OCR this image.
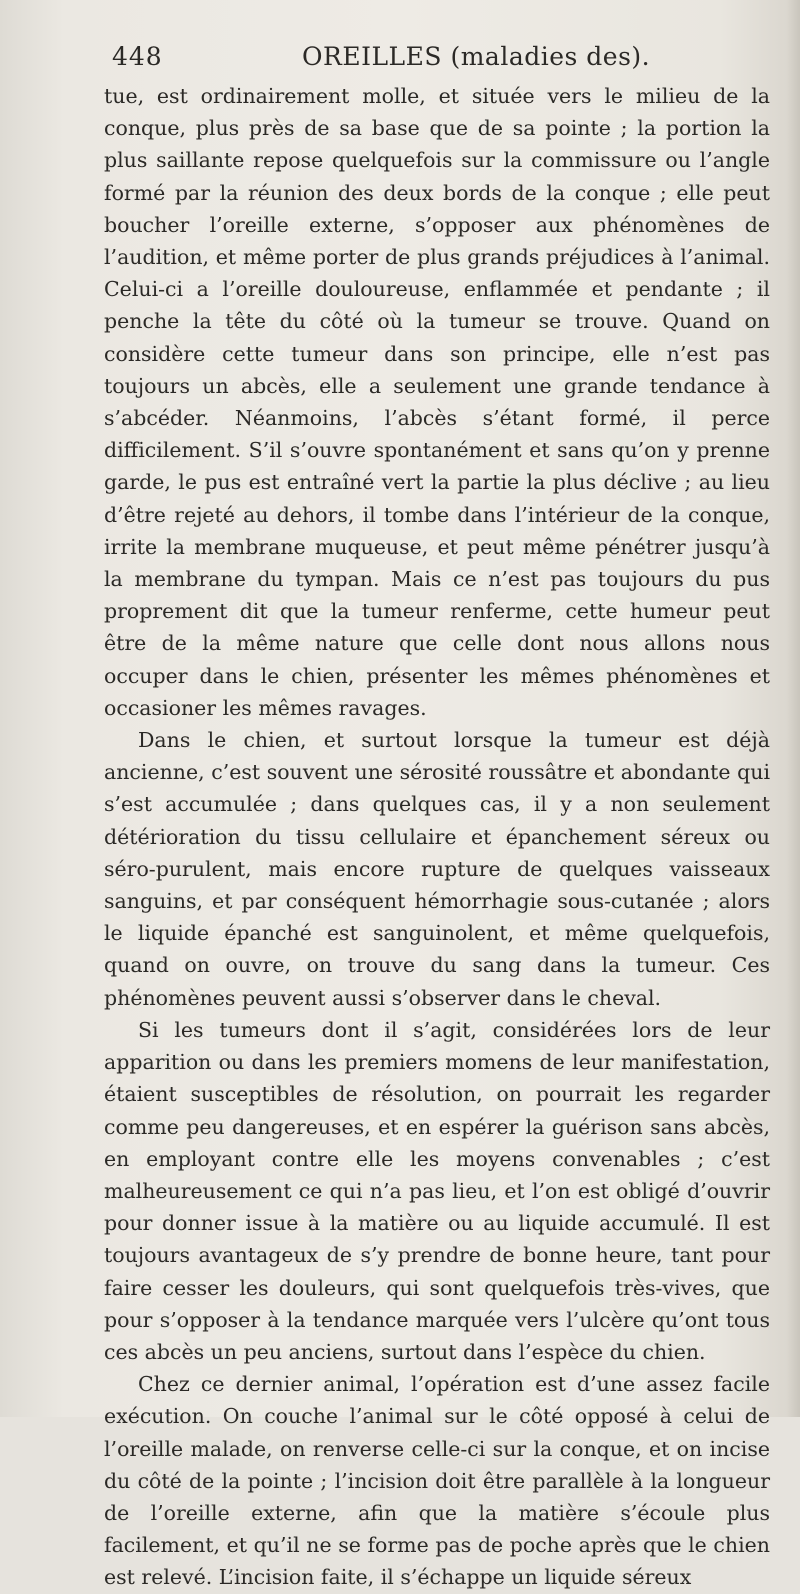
448	OREILLES (maladies des).

tue, est ordinairement molle, et située vers le milieu de la conque, plus près de sa base que de sa pointe ; la portion la plus saillante repose quelquefois sur la commissure ou l’angle formé par la réunion des deux bords de la conque ; elle peut boucher l’oreille externe, s’opposer aux phénomènes de l’audition, et même porter de plus grands préjudices à l’animal. Celui-ci a l’oreille douloureuse, enflammée et pendante ; il penche la tête du côté où la tumeur se trouve. Quand on considère cette tumeur dans son principe, elle n’est pas toujours un abcès, elle a seulement une grande tendance à s’abcéder. Néanmoins, l’abcès s’étant formé, il perce difficilement. S’il s’ouvre spontanément et sans qu’on y prenne garde, le pus est entraîné vert la partie la plus déclive ; au lieu d’être rejeté au dehors, il tombe dans l’intérieur de la conque, irrite la membrane muqueuse, et peut même pénétrer jusqu’à la membrane du tympan. Mais ce n’est pas toujours du pus proprement dit que la tumeur renferme, cette humeur peut être de la même nature que celle dont nous allons nous occuper dans le chien, présenter les mêmes phénomènes et occasioner les mêmes ravages.

Dans le chien, et surtout lorsque la tumeur est déjà ancienne, c’est souvent une sérosité roussâtre et abondante qui s’est accumulée ; dans quelques cas, il y a non seulement détérioration du tissu cellulaire et épanchement séreux ou séro-purulent, mais encore rupture de quelques vaisseaux sanguins, et par conséquent hémorrhagie sous-cutanée ; alors le liquide épanché est sanguinolent, et même quelquefois, quand on ouvre, on trouve du sang dans la tumeur. Ces phénomènes peuvent aussi s’observer dans le cheval.

Si les tumeurs dont il s’agit, considérées lors de leur apparition ou dans les premiers momens de leur manifestation, étaient susceptibles de résolution, on pourrait les regarder comme peu dangereuses, et en espérer la guérison sans abcès, en employant contre elle les moyens convenables ; c’est malheureusement ce qui n’a pas lieu, et l’on est obligé d’ouvrir pour donner issue à la matière ou au liquide accumulé. Il est toujours avantageux de s’y prendre de bonne heure, tant pour faire cesser les douleurs, qui sont quelquefois très-vives, que pour s’opposer à la tendance marquée vers l’ulcère qu’ont tous ces abcès un peu anciens, surtout dans l’espèce du chien.

Chez ce dernier animal, l’opération est d’une assez facile exécution. On couche l’animal sur le côté opposé à celui de l’oreille malade, on renverse celle-ci sur la conque, et on incise du côté de la pointe ; l’incision doit être parallèle à la longueur de l’oreille externe, afin que la matière s’écoule plus facilement, et qu’il ne se forme pas de poche après que le chien est relevé. L’incision faite, il s’échappe un liquide séreux
